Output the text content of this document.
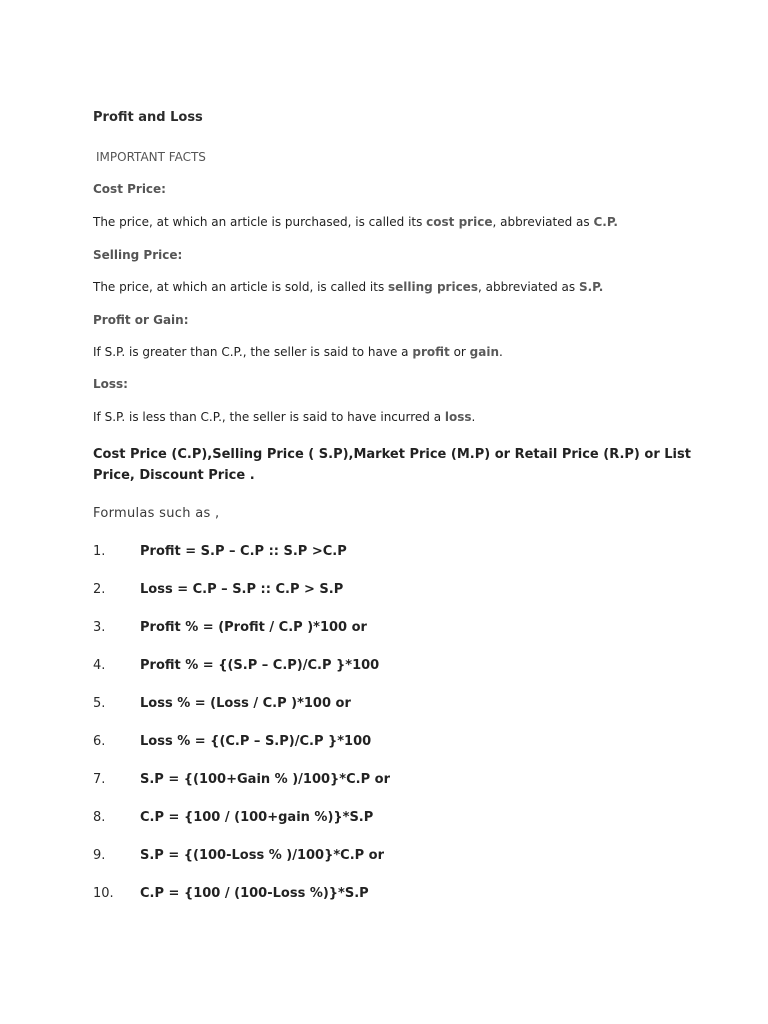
Profit and Loss
IMPORTANT FACTS
Cost Price:
The price, at which an article is purchased, is called its cost price, abbreviated as C.P.
Selling Price:
The price, at which an article is sold, is called its selling prices, abbreviated as S.P.
Profit or Gain:
If S.P. is greater than C.P., the seller is said to have a profit or gain.
Loss:
If S.P. is less than C.P., the seller is said to have incurred a loss.
Cost Price (C.P),Selling Price ( S.P),Market Price (M.P) or Retail Price (R.P) or List Price, Discount Price .
Formulas such as ,
1.	Profit = S.P – C.P :: S.P >C.P
2.	Loss = C.P – S.P :: C.P > S.P
3.	Profit % = (Profit / C.P )*100 or
4.	Profit % = {(S.P – C.P)/C.P }*100
5.	Loss % = (Loss / C.P )*100 or
6.	Loss % = {(C.P – S.P)/C.P }*100
7.	S.P = {(100+Gain % )/100}*C.P or
8.	C.P = {100 / (100+gain %)}*S.P
9.	S.P = {(100-Loss % )/100}*C.P or
10. C.P = {100 / (100-Loss %)}*S.P
